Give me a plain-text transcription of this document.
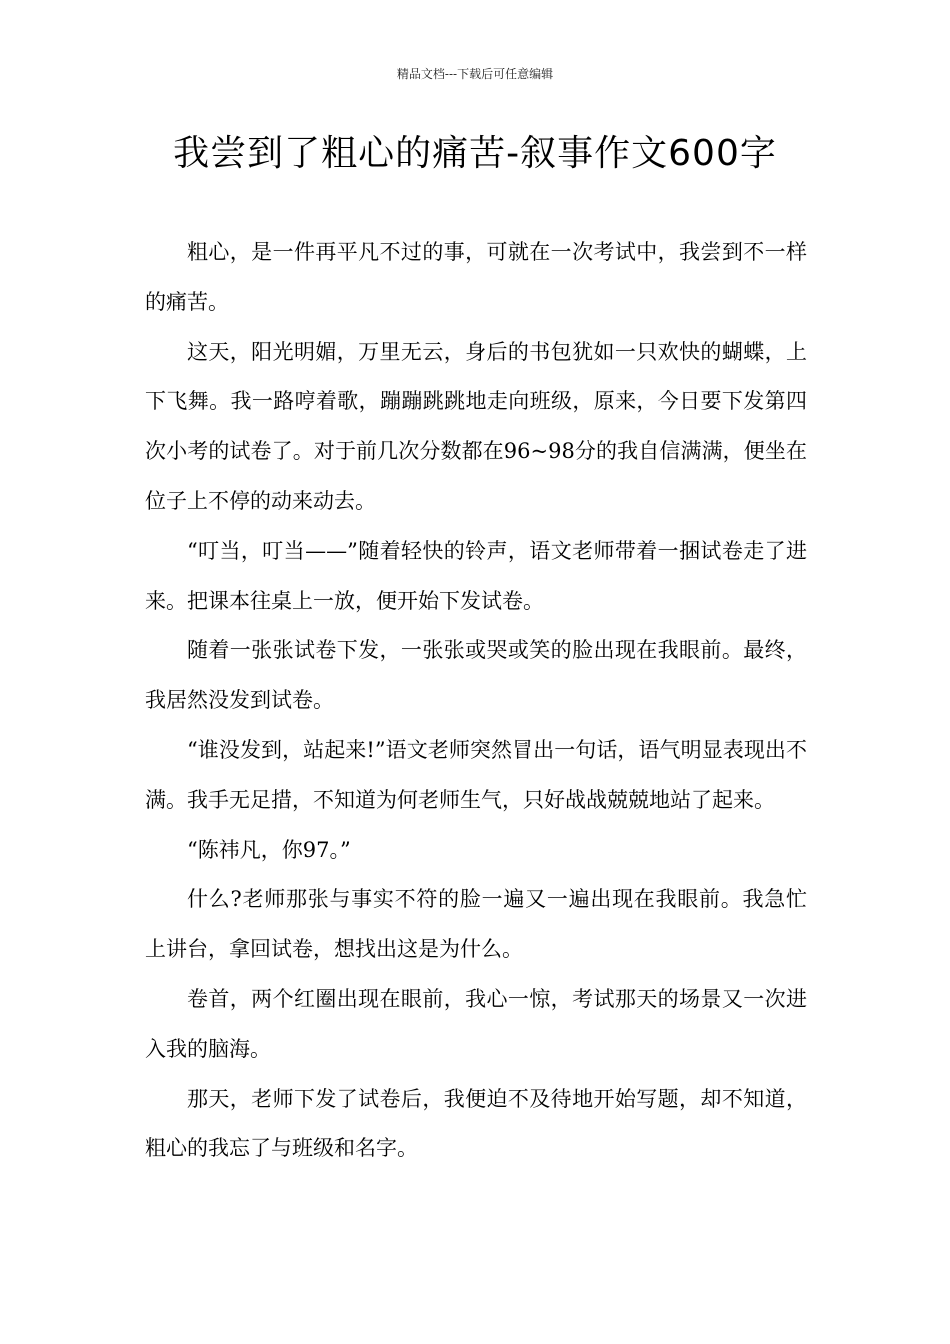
精品文档---下载后可任意编辑
我尝到了粗心的痛苦-叙事作文600字

粗心，是一件再平凡不过的事，可就在一次考试中，我尝到不一样的痛苦。

这天，阳光明媚，万里无云，身后的书包犹如一只欢快的蝴蝶，上下飞舞。我一路哼着歌，蹦蹦跳跳地走向班级，原来，今日要下发第四次小考的试卷了。对于前几次分数都在96~98分的我自信满满，便坐在位子上不停的动来动去。

“叮当，叮当——”随着轻快的铃声，语文老师带着一捆试卷走了进来。把课本往桌上一放，便开始下发试卷。

随着一张张试卷下发，一张张或哭或笑的脸出现在我眼前。最终，我居然没发到试卷。

“谁没发到，站起来!”语文老师突然冒出一句话，语气明显表现出不满。我手无足措，不知道为何老师生气，只好战战兢兢地站了起来。

“陈祎凡，你97。”

什么?老师那张与事实不符的脸一遍又一遍出现在我眼前。我急忙上讲台，拿回试卷，想找出这是为什么。

卷首，两个红圈出现在眼前，我心一惊，考试那天的场景又一次进入我的脑海。

那天，老师下发了试卷后，我便迫不及待地开始写题，却不知道，粗心的我忘了与班级和名字。
